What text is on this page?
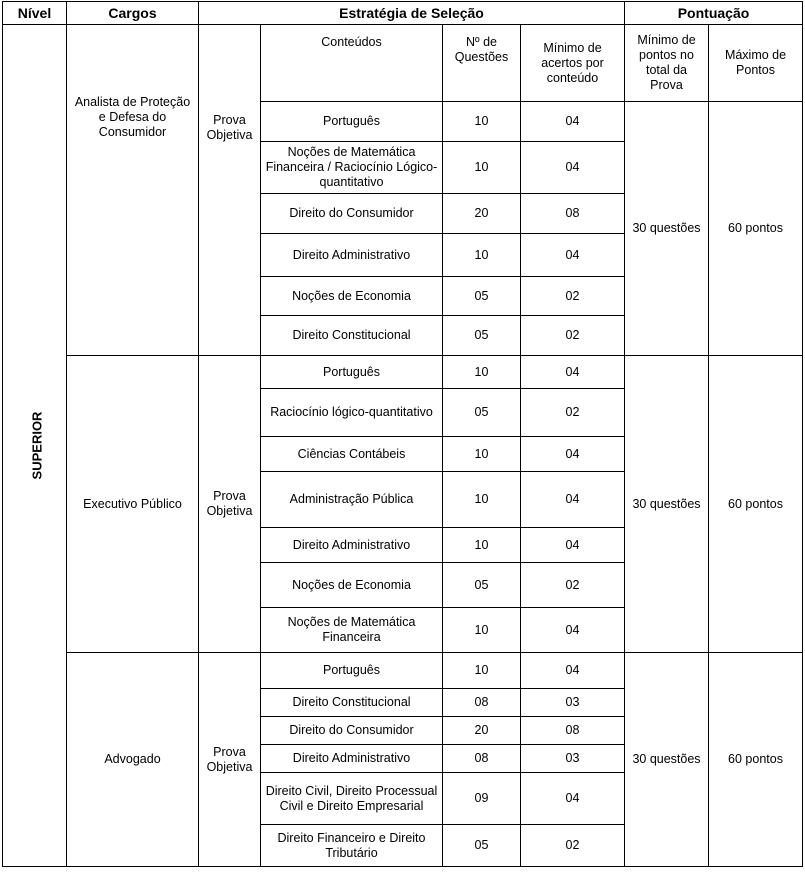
Nível	Cargos	Estratégia de Seleção				Pontuação	
SUPERIOR	Analista de Proteção e Defesa do Consumidor	Prova Objetiva	Conteúdos	Nº de Questões	Mínimo de acertos por conteúdo	Mínimo de pontos no total da Prova	Máximo de Pontos
			Português	10	04	30 questões	60 pontos
			Noções de Matemática Financeira / Raciocínio Lógico- quantitativo	10	04		
			Direito do Consumidor	20	08		
			Direito Administrativo	10	04		
			Noções de Economia	05	02		
			Direito Constitucional	05	02		
	Executivo Público	Prova Objetiva	Português	10	04	30 questões	60 pontos
			Raciocínio lógico-quantitativo	05	02		
			Ciências Contábeis	10	04		
			Administração Pública	10	04		
			Direito Administrativo	10	04		
			Noções de Economia	05	02		
			Noções de Matemática Financeira	10	04		
	Advogado	Prova Objetiva	Português	10	04	30 questões	60 pontos
			Direito Constitucional	08	03		
			Direito do Consumidor	20	08		
			Direito Administrativo	08	03		
			Direito Civil, Direito Processual Civil e Direito Empresarial	09	04		
			Direito Financeiro e Direito Tributário	05	02		
